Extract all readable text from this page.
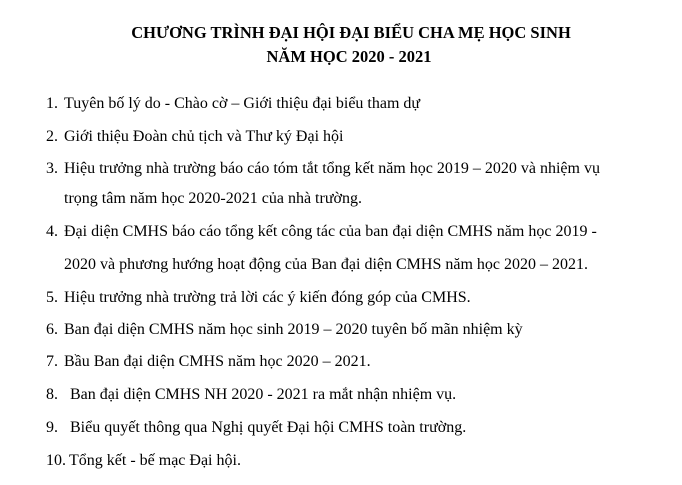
CHƯƠNG TRÌNH ĐẠI HỘI ĐẠI BIỂU CHA MẸ HỌC SINH
NĂM HỌC 2020 - 2021
1. Tuyên bố lý do - Chào cờ – Giới thiệu đại biểu tham dự
2. Giới thiệu Đoàn chủ tịch và Thư ký Đại hội
3. Hiệu trưởng nhà trường báo cáo tóm tắt tổng kết năm học 2019 – 2020 và nhiệm vụ
trọng tâm năm học 2020-2021 của nhà trường.
4. Đại diện CMHS báo cáo tổng kết công tác của ban đại diện CMHS năm học 2019 -
2020 và phương hướng hoạt động của Ban đại diện CMHS năm học 2020 – 2021.
5. Hiệu trưởng nhà trường trả lời các ý kiến đóng góp của CMHS.
6. Ban đại diện CMHS năm học sinh 2019 – 2020 tuyên bố mãn nhiệm kỳ
7. Bầu Ban đại diện CMHS năm học 2020 – 2021.
8. Ban đại diện CMHS NH 2020 - 2021 ra mắt nhận nhiệm vụ.
9. Biểu quyết thông qua Nghị quyết Đại hội CMHS toàn trường.
10. Tổng kết - bế mạc Đại hội.
